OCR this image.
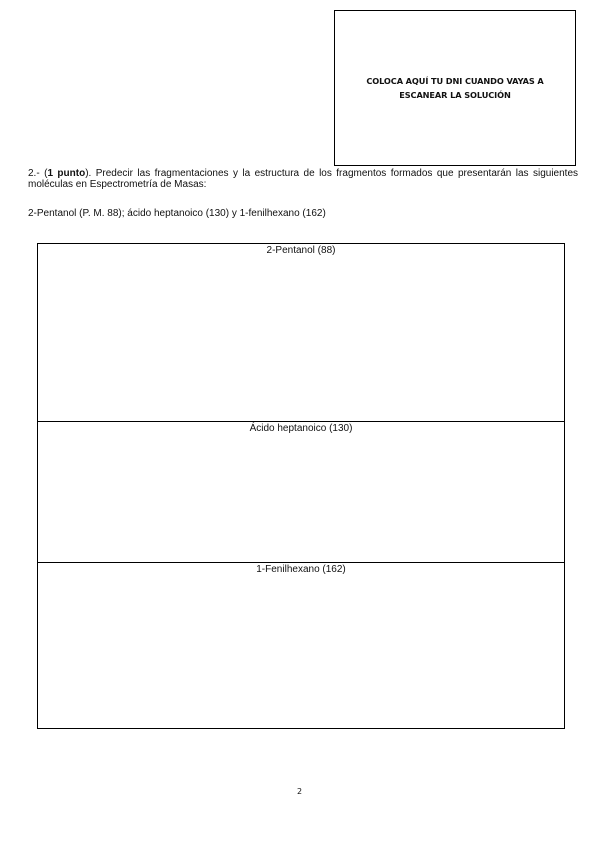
COLOCA AQUÍ TU DNI CUANDO VAYAS A ESCANEAR LA SOLUCIÓN
2.- (1 punto). Predecir las fragmentaciones y la estructura de los fragmentos formados que presentarán las siguientes moléculas en Espectrometría de Masas:
2-Pentanol (P. M. 88); ácido heptanoico (130) y 1-fenilhexano (162)
2-Pentanol (88)
Ácido heptanoico (130)
1-Fenilhexano (162)
2
